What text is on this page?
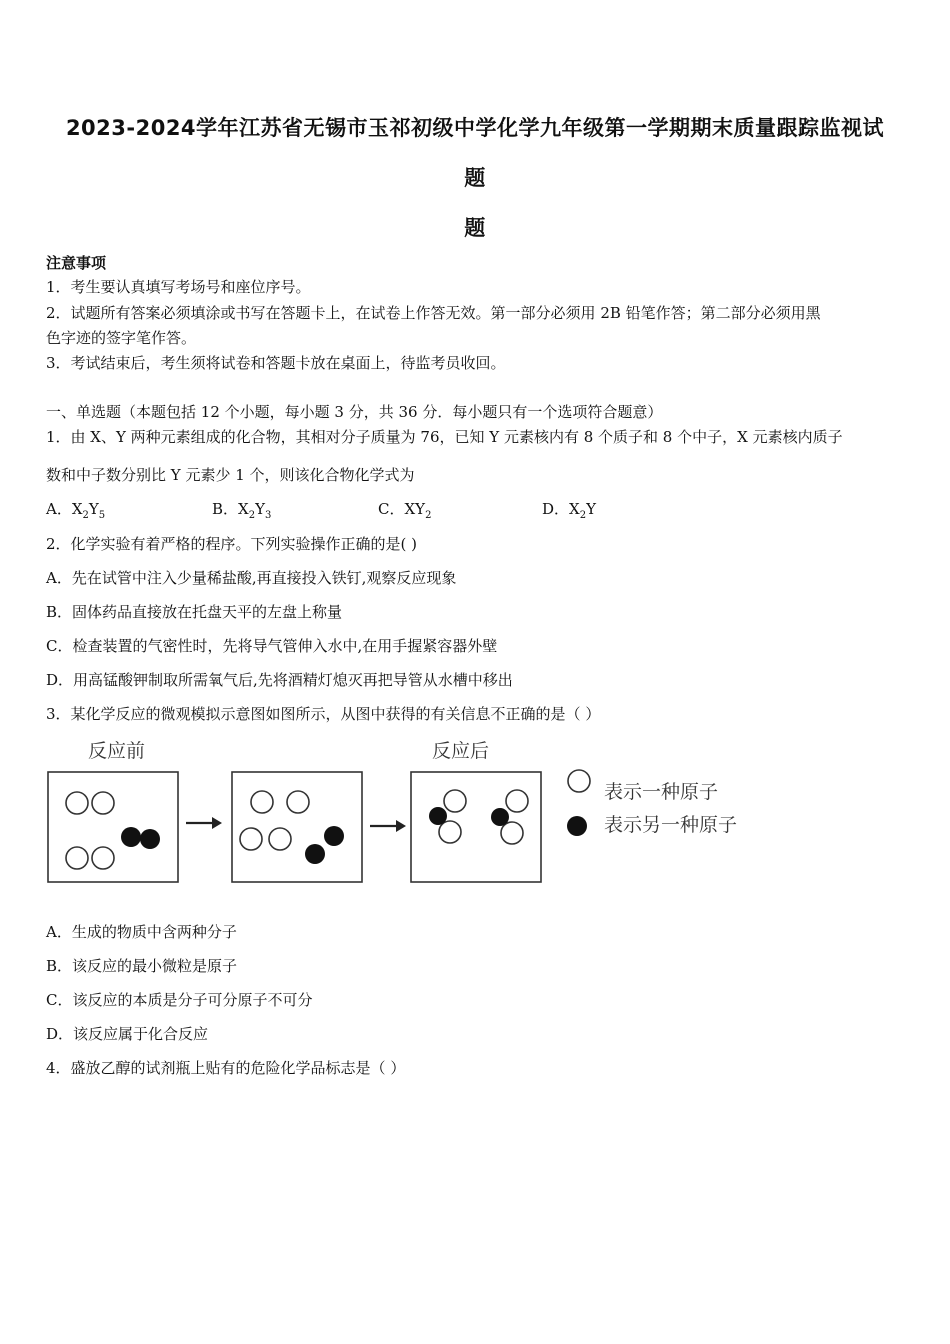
2023-2024学年江苏省无锡市玉祁初级中学化学九年级第一学期期末质量跟踪监视试
题
题
注意事项
1．考生要认真填写考场号和座位序号。
2．试题所有答案必须填涂或书写在答题卡上，在试卷上作答无效。第一部分必须用 2B 铅笔作答；第二部分必须用黑
色字迹的签字笔作答。
3．考试结束后，考生须将试卷和答题卡放在桌面上，待监考员收回。
一、单选题（本题包括 12 个小题，每小题 3 分，共 36 分．每小题只有一个选项符合题意）
1．由 X、Y 两种元素组成的化合物，其相对分子质量为 76，已知 Y 元素核内有 8 个质子和 8 个中子，X 元素核内质子
数和中子数分别比 Y 元素少 1 个，则该化合物化学式为
A．$X_2Y_5$	B．$X_2Y_3$	C．$XY_2$	D．$X_2Y$
2．化学实验有着严格的程序。下列实验操作正确的是( )
A．先在试管中注入少量稀盐酸,再直接投入铁钉,观察反应现象
B．固体药品直接放在托盘天平的左盘上称量
C．检查装置的气密性时，先将导气管伸入水中,在用手握紧容器外壁
D．用高锰酸钾制取所需氧气后,先将酒精灯熄灭再把导管从水槽中移出
3．某化学反应的微观模拟示意图如图所示，从图中获得的有关信息不正确的是（ ）
反应前	反应后
表示一种原子
表示另一种原子
A．生成的物质中含两种分子
B．该反应的最小微粒是原子
C．该反应的本质是分子可分原子不可分
D．该反应属于化合反应
4．盛放乙醇的试剂瓶上贴有的危险化学品标志是（ ）
